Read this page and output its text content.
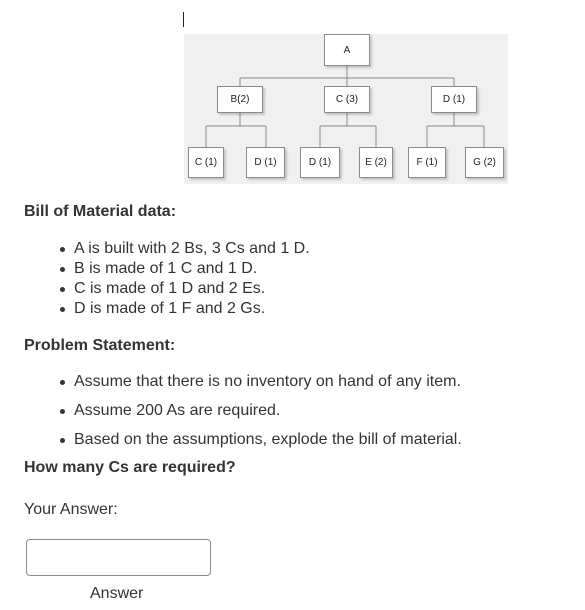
A
B(2)	C (3)	D (1)
C (1)	D (1)	D (1)	E (2)	F (1)	G (2)
Bill of Material data:
A is built with 2 Bs, 3 Cs and 1 D.
B is made of 1 C and 1 D.
C is made of 1 D and 2 Es.
D is made of 1 F and 2 Gs.
Problem Statement:
Assume that there is no inventory on hand of any item.
Assume 200 As are required.
Based on the assumptions, explode the bill of material.
How many Cs are required?
Your Answer:
Answer
